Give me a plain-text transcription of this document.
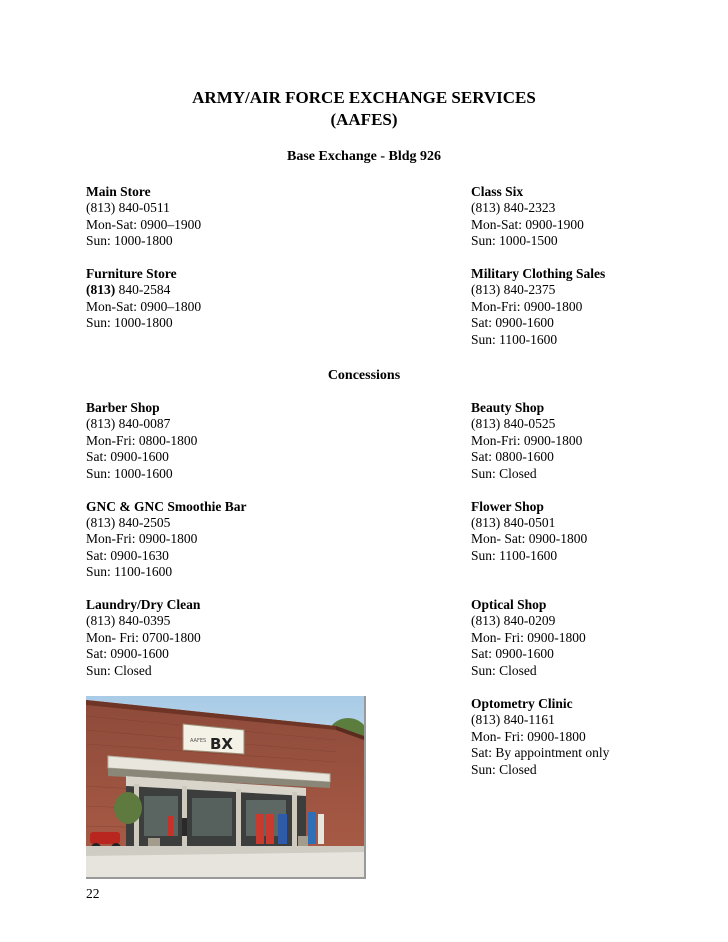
ARMY/AIR FORCE EXCHANGE SERVICES
(AAFES)
Base Exchange - Bldg 926
Main Store
(813) 840-0511
Mon-Sat: 0900–1900
Sun: 1000-1800
Class Six
(813) 840-2323
Mon-Sat: 0900-1900
Sun: 1000-1500
Furniture Store
(813) 840-2584
Mon-Sat: 0900–1800
Sun: 1000-1800
Military Clothing Sales
(813) 840-2375
Mon-Fri: 0900-1800
Sat: 0900-1600
Sun: 1100-1600
Concessions
Barber Shop
(813) 840-0087
Mon-Fri: 0800-1800
Sat: 0900-1600
Sun: 1000-1600
Beauty Shop
(813) 840-0525
Mon-Fri: 0900-1800
Sat: 0800-1600
Sun: Closed
GNC & GNC Smoothie Bar
(813) 840-2505
Mon-Fri: 0900-1800
Sat: 0900-1630
Sun: 1100-1600
Flower Shop
(813) 840-0501
Mon- Sat: 0900-1800
Sun: 1100-1600
Laundry/Dry Clean
(813) 840-0395
Mon- Fri: 0700-1800
Sat: 0900-1600
Sun: Closed
Optical Shop
(813) 840-0209
Mon- Fri: 0900-1800
Sat: 0900-1600
Sun: Closed
Optometry Clinic
(813) 840-1161
Mon- Fri: 0900-1800
Sat: By appointment only
Sun: Closed
AAFES BX
22
